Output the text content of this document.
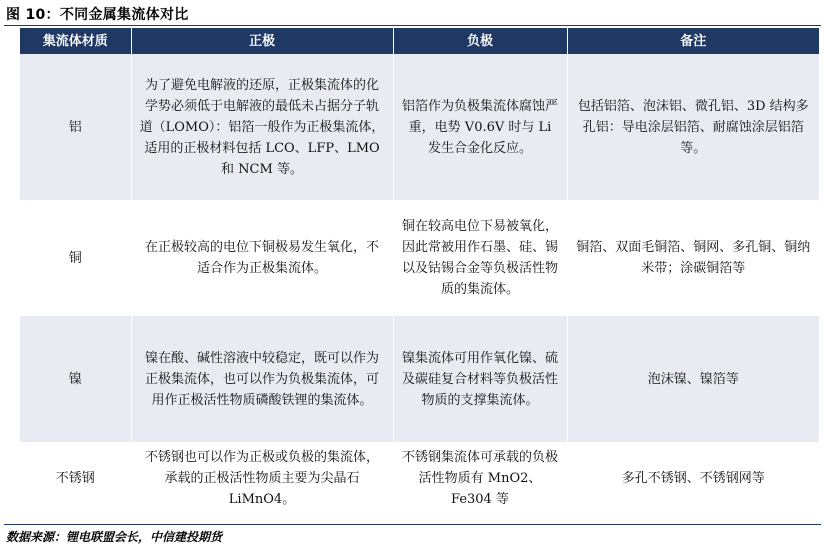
图 10：不同金属集流体对比
集流体材质	正极	负极	备注
铝	为了避免电解液的还原，正极集流体的化学势必须低于电解液的最低未占据分子轨道（LOMO）：铝箔一般作为正极集流体，适用的正极材料包括 LCO、LFP、LMO 和 NCM 等。	铝箔作为负极集流体腐蚀严重，电势 V0.6V 时与 Li 发生合金化反应。	包括铝箔、泡沫铝、微孔铝、3D 结构多孔铝：导电涂层铝箔、耐腐蚀涂层铝箔等。
铜	在正极较高的电位下铜极易发生氧化，不适合作为正极集流体。	铜在较高电位下易被氧化，因此常被用作石墨、硅、锡以及钴锡合金等负极活性物质的集流体。	铜箔、双面毛铜箔、铜网、多孔铜、铜纳米带；涂碳铜箔等
镍	镍在酸、碱性溶液中较稳定，既可以作为正极集流体，也可以作为负极集流体，可用作正极活性物质磷酸铁锂的集流体。	镍集流体可用作氧化镍、硫及碳硅复合材料等负极活性物质的支撑集流体。	泡沫镍、镍箔等
不锈钢	不锈钢也可以作为正极或负极的集流体，承载的正极活性物质主要为尖晶石 LiMnO4。	不锈钢集流体可承载的负极活性物质有 MnO2、Fe304 等	多孔不锈钢、不锈钢网等
数据来源：锂电联盟会长，中信建投期货
